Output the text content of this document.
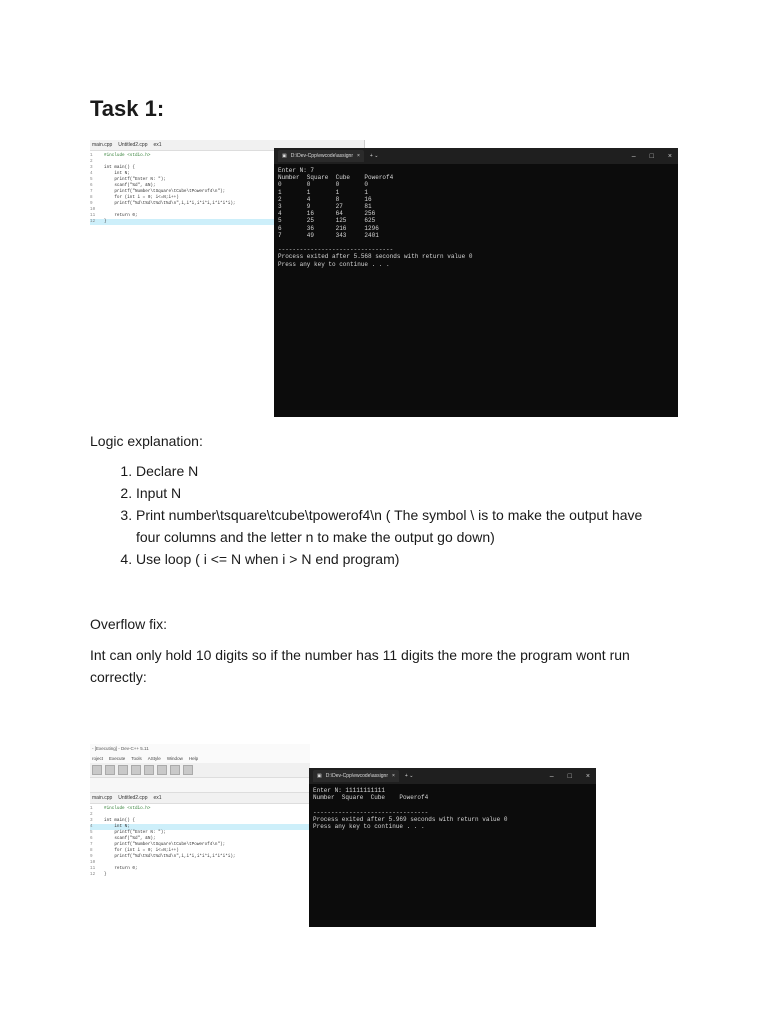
Task 1:
main.cpp Untitled2.cpp ex1
1	#include <stdio.h>
2
3	int main() {
4	int N;
5	printf("Enter N: ");
6	scanf("%d", &N);
7	printf("Number\tSquare\tCube\tPowerof4\n");
8	for (int i = 0; i<=N;i++)
9	printf("%d\t%d\t%d\t%d\n",i,i*i,i*i*i,i*i*i*i);
10
11    return 0;
12 }
▣ D:\Dev-Cpp\ewcode\assignr × + ⌄	– □ ×
Enter N: 7
Number  Square  Cube    Powerof4
0       0       0       0
1       1       1       1
2       4       8       16
3       9       27      81
4       16      64      256
5       25      125     625
6       36      216     1296
7       49      343     2401

--------------------------------
Process exited after 5.568 seconds with return value 0
Press any key to continue . . .
Logic explanation:
1. Declare N
2. Input N
3. Print number\tsquare\tcube\tpowerof4\n ( The symbol \ is to make the output have four columns and the letter n to make the output go down)
4. Use loop ( i <= N when i > N end program)
Overflow fix:
Int can only hold 10 digits so if the number has 11 digits the more the program wont run correctly:
- [Executing] - Dev-C++ 5.11
roject Execute Tools AStyle Window Help
main.cpp Untitled2.cpp ex1
1	#include <stdio.h>
2
3	int main() {
4	int N;
5	printf("Enter N: ");
6	scanf("%d", &N);
7	printf("Number\tSquare\tCube\tPowerof4\n");
8	for (int i = 0; i<=N;i++)
9	printf("%d\t%d\t%d\t%d\n",i,i*i,i*i*i,i*i*i*i);
10
11    return 0;
12 }
▣ D:\Dev-Cpp\ewcode\assignr × + ⌄	– □ ×
Enter N: 11111111111
Number  Square  Cube    Powerof4

--------------------------------
Process exited after 5.969 seconds with return value 0
Press any key to continue . . .
